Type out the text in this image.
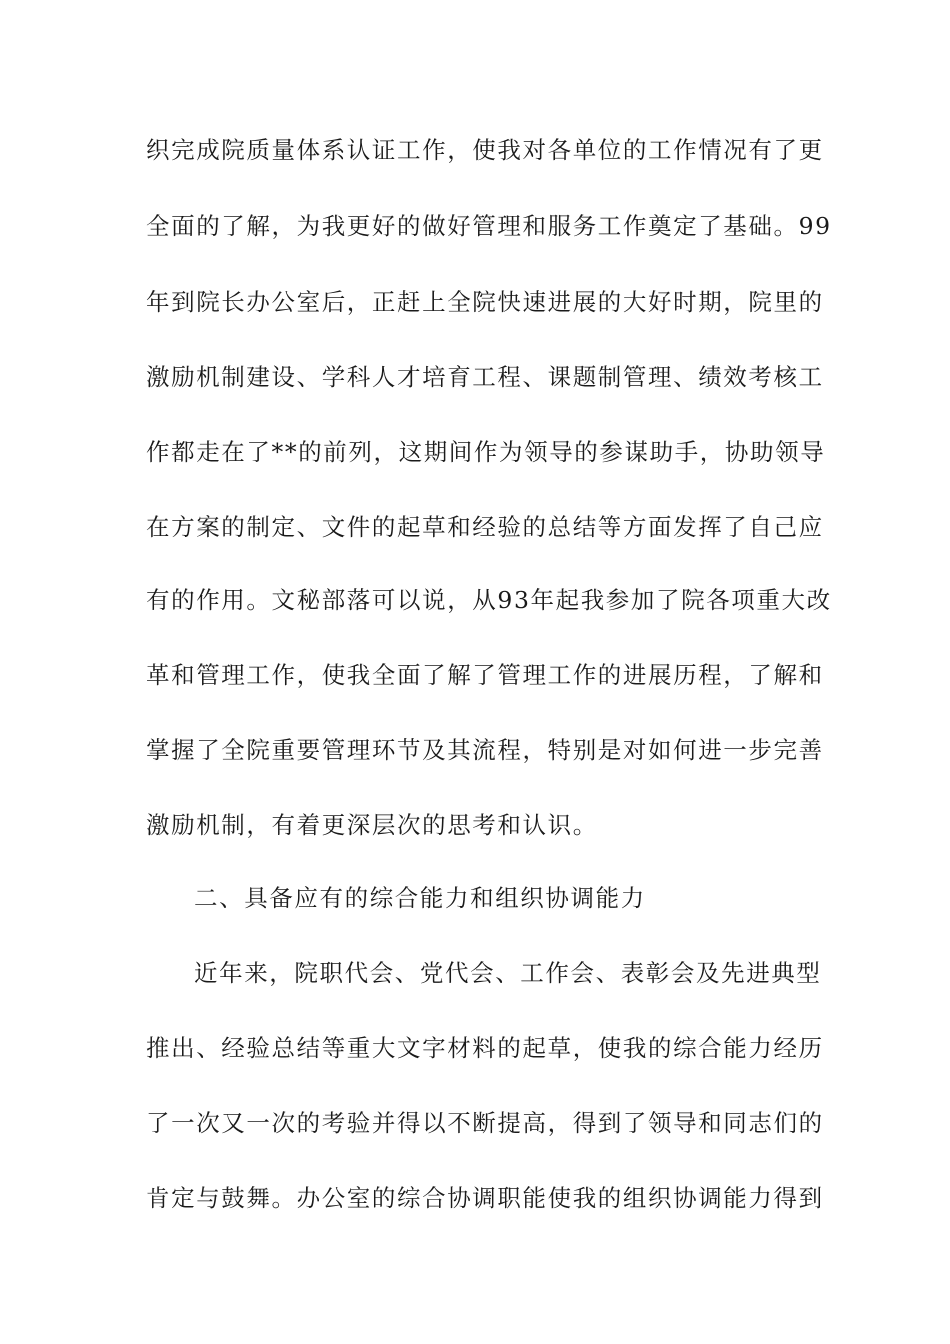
织完成院质量体系认证工作，使我对各单位的工作情况有了更
全面的了解，为我更好的做好管理和服务工作奠定了基础。99
年到院长办公室后，正赶上全院快速进展的大好时期，院里的
激励机制建设、学科人才培育工程、课题制管理、绩效考核工
作都走在了**的前列，这期间作为领导的参谋助手，协助领导
在方案的制定、文件的起草和经验的总结等方面发挥了自己应
有的作用。文秘部落可以说，从93年起我参加了院各项重大改
革和管理工作，使我全面了解了管理工作的进展历程，了解和
掌握了全院重要管理环节及其流程，特别是对如何进一步完善
激励机制，有着更深层次的思考和认识。
二、具备应有的综合能力和组织协调能力
近年来，院职代会、党代会、工作会、表彰会及先进典型
推出、经验总结等重大文字材料的起草，使我的综合能力经历
了一次又一次的考验并得以不断提高，得到了领导和同志们的
肯定与鼓舞。办公室的综合协调职能使我的组织协调能力得到
